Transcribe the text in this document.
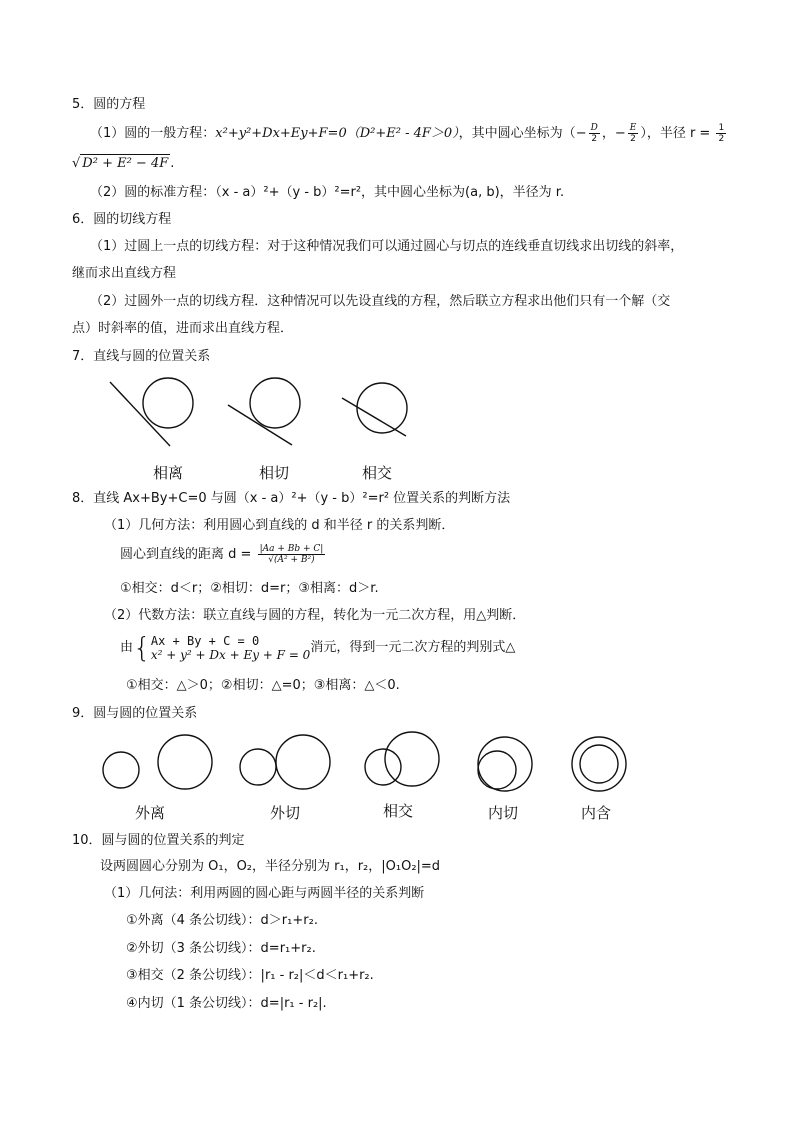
5．圆的方程
（1）圆的一般方程：x²+y²+Dx+Ey+F=0（D²+E² - 4F＞0），其中圆心坐标为（− $\frac{D}{2}$ ，− $\frac{E}{2}$ ），半径 $r = \frac{1}{2}$
√ D² + E² − 4F .
（2）圆的标准方程：（x - a）²+（y - b）²=r²，其中圆心坐标为(a, b)，半径为 r.
6．圆的切线方程
（1）过圆上一点的切线方程：对于这种情况我们可以通过圆心与切点的连线垂直切线求出切线的斜率，
继而求出直线方程
（2）过圆外一点的切线方程．这种情况可以先设直线的方程，然后联立方程求出他们只有一个解（交
点）时斜率的值，进而求出直线方程．
7．直线与圆的位置关系
相离	相切	相交
8．直线 Ax+By+C=0 与圆（x - a）²+（y - b）²=r² 位置关系的判断方法
（1）几何方法：利用圆心到直线的 d 和半径 r 的关系判断．
圆心到直线的距离 $d = \frac{|Aa + Bb + C|}{\text{√(A² + B²)}}$
①相交：d＜r；②相切：d=r；③相离：d＞r.
（2）代数方法：联立直线与圆的方程，转化为一元二次方程，用△判断．
由{ Ax + By + C = 0
x² + y² + Dx + Ey + F = 0 消元，得到一元二次方程的判别式△
①相交：△＞0；②相切：△=0；③相离：△＜0.
9．圆与圆的位置关系
外离	外切	相交	内切	内含
10．圆与圆的位置关系的判定
设两圆圆心分别为 O₁，O₂，半径分别为 r₁，r₂，|O₁O₂|=d
（1）几何法：利用两圆的圆心距与两圆半径的关系判断
①外离（4 条公切线）：d＞r₁+r₂.
②外切（3 条公切线）：d=r₁+r₂.
③相交（2 条公切线）：|r₁ - r₂|＜d＜r₁+r₂.
④内切（1 条公切线）：d=|r₁ - r₂|.
